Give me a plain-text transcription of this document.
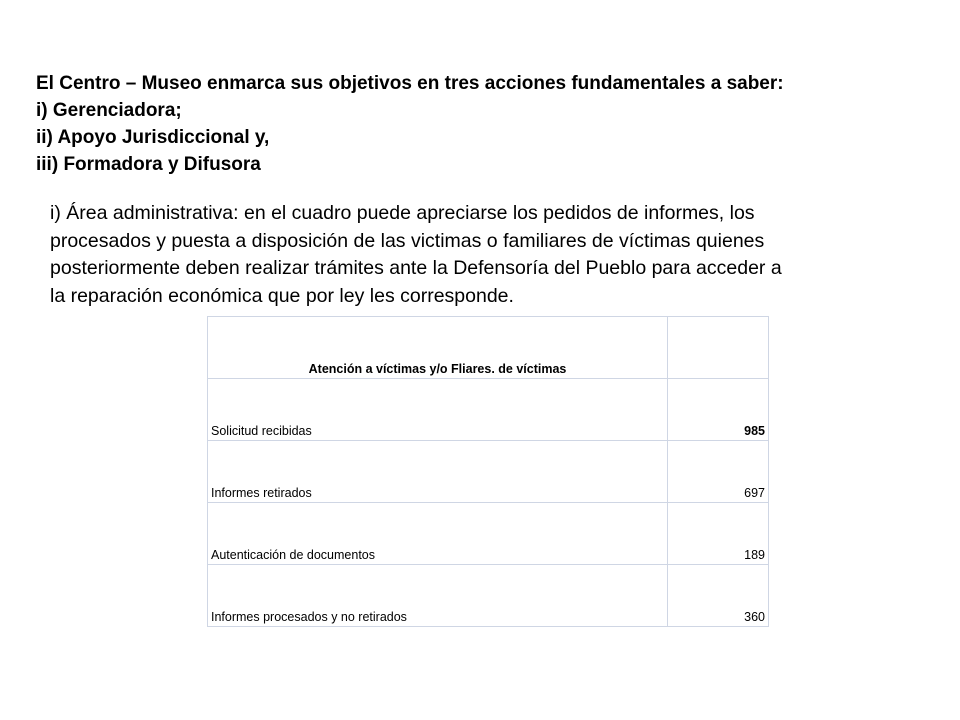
El Centro – Museo enmarca sus objetivos en tres acciones fundamentales a saber:
i) Gerenciadora;
ii) Apoyo Jurisdiccional y,
iii) Formadora y Difusora
i) Área administrativa: en el cuadro puede apreciarse los pedidos de informes, los
procesados y puesta a disposición de las victimas o familiares de víctimas quienes
posteriormente deben realizar trámites ante la Defensoría del Pueblo para acceder a
la reparación económica que por ley les corresponde.
Atención a víctimas y/o Fliares. de víctimas	
Solicitud recibidas	985
Informes retirados	697
Autenticación de documentos	189
Informes procesados y no retirados	360
